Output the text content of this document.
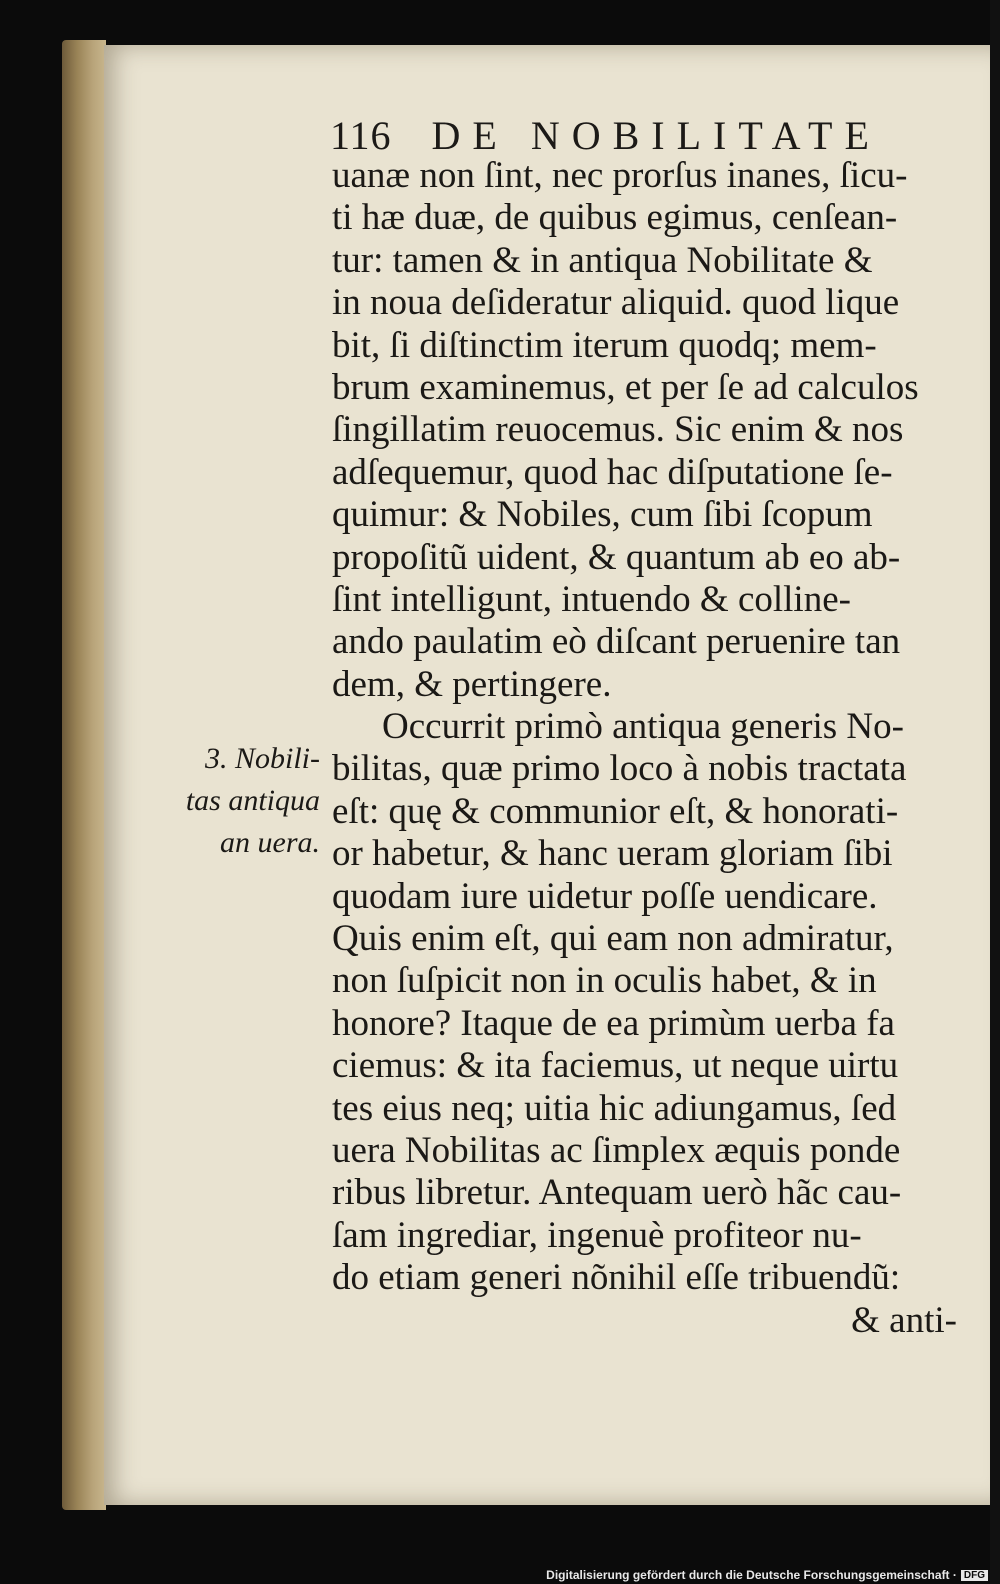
116 DE NOBILITATE
uanæ non ſint, nec prorſus inanes, ſicu-
ti hæ duæ, de quibus egimus, cenſean-
tur: tamen & in antiqua Nobilitate &
in noua deſideratur aliquid. quod lique
bit, ſi diſtinctim iterum quodq; mem-
brum examinemus, et per ſe ad calculos
ſingillatim reuocemus. Sic enim & nos
adſequemur, quod hac diſputatione ſe-
quimur: & Nobiles, cum ſibi ſcopum
propoſitũ uident, & quantum ab eo ab-
ſint intelligunt, intuendo & colline-
ando paulatim eò diſcant peruenire tan
dem, & pertingere.
Occurrit primò antiqua generis No-
bilitas, quæ primo loco à nobis tractata
eſt: quę & communior eſt, & honorati-
or habetur, & hanc ueram gloriam ſibi
quodam iure uidetur poſſe uendicare.
Quis enim eſt, qui eam non admiratur,
non ſuſpicit non in oculis habet, & in
honore? Itaque de ea primùm uerba fa
ciemus: & ita faciemus, ut neque uirtu
tes eius neq; uitia hic adiungamus, ſed
uera Nobilitas ac ſimplex æquis ponde
ribus libretur. Antequam uerò hãc cau-
ſam ingrediar, ingenuè profiteor nu-
do etiam generi nõnihil eſſe tribuendũ:
& anti-
3. Nobili-
tas antiqua
an uera.
Digitalisierung gefördert durch die Deutsche Forschungsgemeinschaft · DFG
